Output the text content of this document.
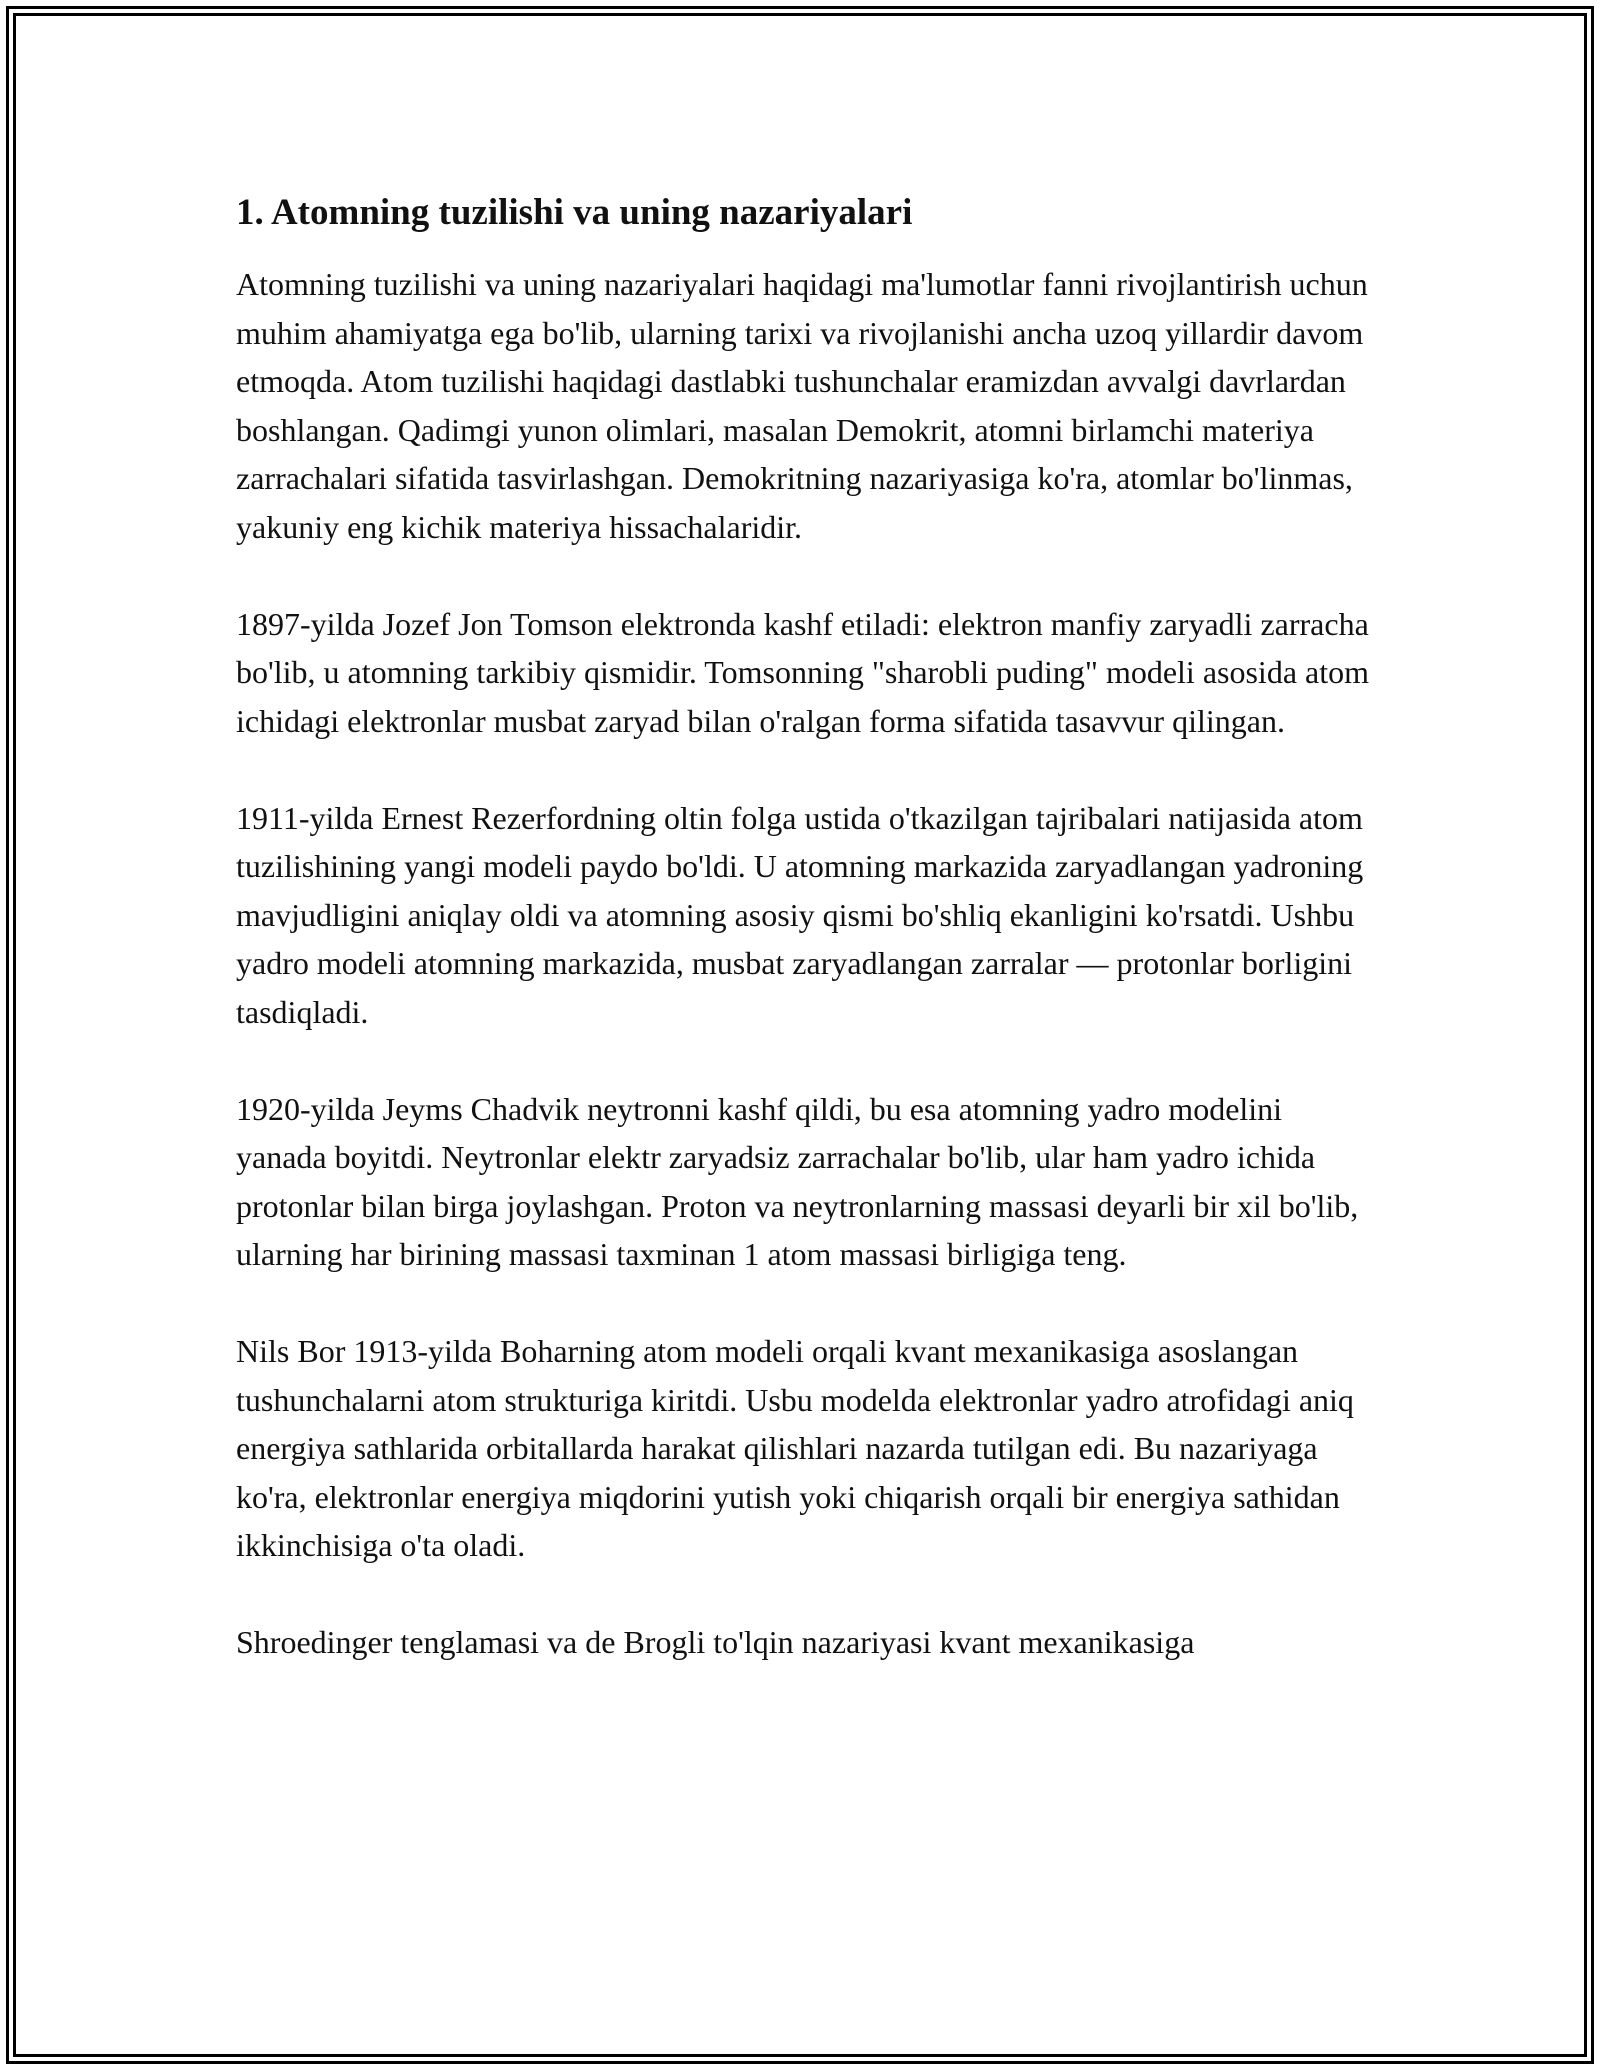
1. Atomning tuzilishi va uning nazariyalari

Atomning tuzilishi va uning nazariyalari haqidagi ma'lumotlar fanni rivojlantirish uchun muhim ahamiyatga ega bo'lib, ularning tarixi va rivojlanishi ancha uzoq yillardir davom etmoqda. Atom tuzilishi haqidagi dastlabki tushunchalar eramizdan avvalgi davrlardan boshlangan. Qadimgi yunon olimlari, masalan Demokrit, atomni birlamchi materiya zarrachalari sifatida tasvirlashgan. Demokritning nazariyasiga ko'ra, atomlar bo'linmas, yakuniy eng kichik materiya hissachalaridir.

1897-yilda Jozef Jon Tomson elektronda kashf etiladi: elektron manfiy zaryadli zarracha bo'lib, u atomning tarkibiy qismidir. Tomsonning "sharobli puding" modeli asosida atom ichidagi elektronlar musbat zaryad bilan o'ralgan forma sifatida tasavvur qilingan.

1911-yilda Ernest Rezerfordning oltin folga ustida o'tkazilgan tajribalari natijasida atom tuzilishining yangi modeli paydo bo'ldi. U atomning markazida zaryadlangan yadroning mavjudligini aniqlay oldi va atomning asosiy qismi bo'shliq ekanligini ko'rsatdi. Ushbu yadro modeli atomning markazida, musbat zaryadlangan zarralar — protonlar borligini tasdiqladi.

1920-yilda Jeyms Chadvik neytronni kashf qildi, bu esa atomning yadro modelini yanada boyitdi. Neytronlar elektr zaryadsiz zarrachalar bo'lib, ular ham yadro ichida protonlar bilan birga joylashgan. Proton va neytronlarning massasi deyarli bir xil bo'lib, ularning har birining massasi taxminan 1 atom massasi birligiga teng.

Nils Bor 1913-yilda Boharning atom modeli orqali kvant mexanikasiga asoslangan tushunchalarni atom strukturiga kiritdi. Usbu modelda elektronlar yadro atrofidagi aniq energiya sathlarida orbitallarda harakat qilishlari nazarda tutilgan edi. Bu nazariyaga ko'ra, elektronlar energiya miqdorini yutish yoki chiqarish orqali bir energiya sathidan ikkinchisiga o'ta oladi.

Shroedinger tenglamasi va de Brogli to'lqin nazariyasi kvant mexanikasiga
